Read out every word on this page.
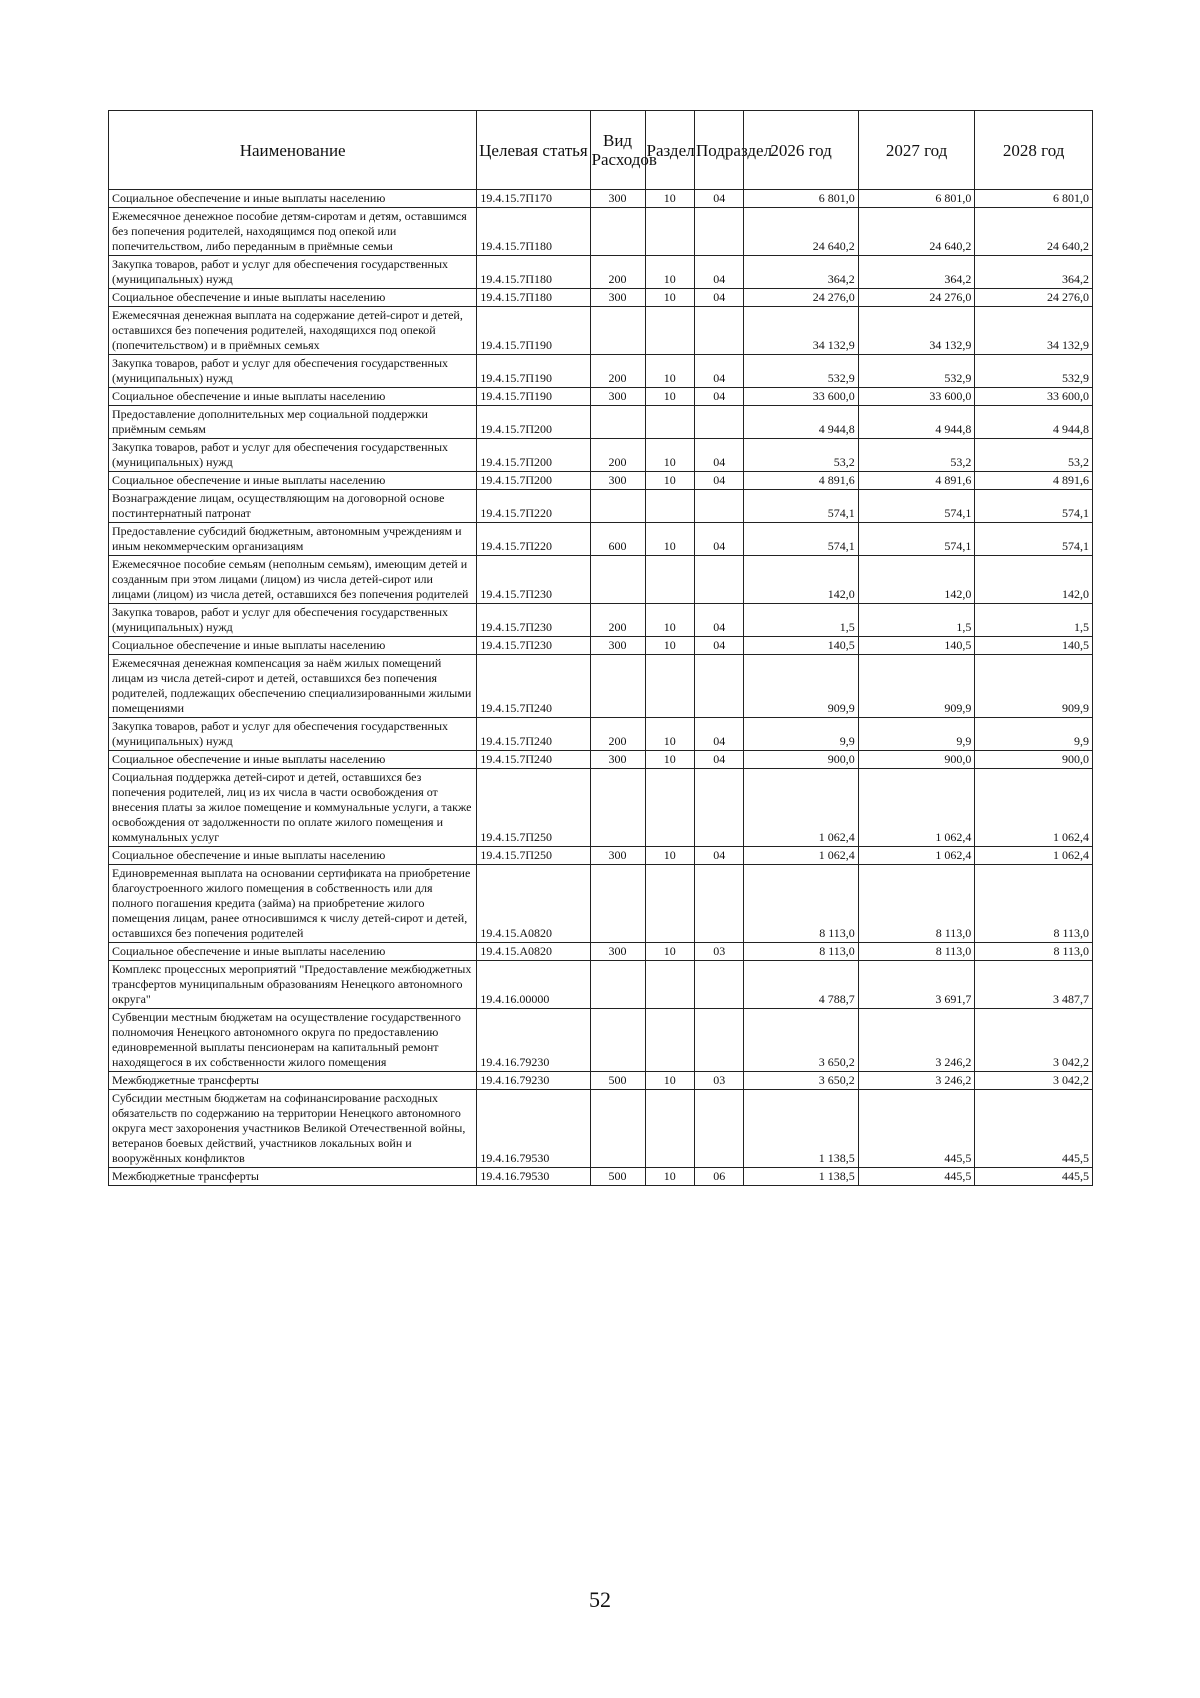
Наименование	Целевая статья	Вид Расходов	Раздел	Подраздел	2026 год	2027 год	2028 год

Социальное обеспечение и иные выплаты населению	19.4.15.7П170	300	10	04	6 801,0	6 801,0	6 801,0

Ежемесячное денежное пособие детям-сиротам и детям, оставшимся без попечения родителей, находящимся под опекой или попечительством, либо переданным в приёмные семьи	19.4.15.7П180				24 640,2	24 640,2	24 640,2

Закупка товаров, работ и услуг для обеспечения государственных (муниципальных) нужд	19.4.15.7П180	200	10	04	364,2	364,2	364,2

Социальное обеспечение и иные выплаты населению	19.4.15.7П180	300	10	04	24 276,0	24 276,0	24 276,0

Ежемесячная денежная выплата на содержание детей-сирот и детей, оставшихся без попечения родителей, находящихся под опекой (попечительством) и в приёмных семьях	19.4.15.7П190				34 132,9	34 132,9	34 132,9

Закупка товаров, работ и услуг для обеспечения государственных (муниципальных) нужд	19.4.15.7П190	200	10	04	532,9	532,9	532,9

Социальное обеспечение и иные выплаты населению	19.4.15.7П190	300	10	04	33 600,0	33 600,0	33 600,0

Предоставление дополнительных мер социальной поддержки приёмным семьям	19.4.15.7П200				4 944,8	4 944,8	4 944,8

Закупка товаров, работ и услуг для обеспечения государственных (муниципальных) нужд	19.4.15.7П200	200	10	04	53,2	53,2	53,2

Социальное обеспечение и иные выплаты населению	19.4.15.7П200	300	10	04	4 891,6	4 891,6	4 891,6

Вознаграждение лицам, осуществляющим на договорной основе постинтернатный патронат	19.4.15.7П220				574,1	574,1	574,1

Предоставление субсидий бюджетным, автономным учреждениям и иным некоммерческим организациям	19.4.15.7П220	600	10	04	574,1	574,1	574,1

Ежемесячное пособие семьям (неполным семьям), имеющим детей и созданным при этом лицами (лицом) из числа детей-сирот или лицами (лицом) из числа детей, оставшихся без попечения родителей	19.4.15.7П230				142,0	142,0	142,0

Закупка товаров, работ и услуг для обеспечения государственных (муниципальных) нужд	19.4.15.7П230	200	10	04	1,5	1,5	1,5

Социальное обеспечение и иные выплаты населению	19.4.15.7П230	300	10	04	140,5	140,5	140,5

Ежемесячная денежная компенсация за наём жилых помещений лицам из числа детей-сирот и детей, оставшихся без попечения родителей, подлежащих обеспечению специализированными жилыми помещениями	19.4.15.7П240				909,9	909,9	909,9

Закупка товаров, работ и услуг для обеспечения государственных (муниципальных) нужд	19.4.15.7П240	200	10	04	9,9	9,9	9,9

Социальное обеспечение и иные выплаты населению	19.4.15.7П240	300	10	04	900,0	900,0	900,0

Социальная поддержка детей-сирот и детей, оставшихся без попечения родителей, лиц из их числа в части освобождения от внесения платы за жилое помещение и коммунальные услуги, а также освобождения от задолженности по оплате жилого помещения и коммунальных услуг	19.4.15.7П250				1 062,4	1 062,4	1 062,4

Социальное обеспечение и иные выплаты населению	19.4.15.7П250	300	10	04	1 062,4	1 062,4	1 062,4

Единовременная выплата на основании сертификата на приобретение благоустроенного жилого помещения в собственность или для полного погашения кредита (займа) на приобретение жилого помещения лицам, ранее относившимся к числу детей-сирот и детей, оставшихся без попечения родителей	19.4.15.А0820				8 113,0	8 113,0	8 113,0

Социальное обеспечение и иные выплаты населению	19.4.15.А0820	300	10	03	8 113,0	8 113,0	8 113,0

Комплекс процессных мероприятий "Предоставление межбюджетных трансфертов муниципальным образованиям Ненецкого автономного округа"	19.4.16.00000				4 788,7	3 691,7	3 487,7

Субвенции местным бюджетам на осуществление государственного полномочия Ненецкого автономного округа по предоставлению единовременной выплаты пенсионерам на капитальный ремонт находящегося в их собственности жилого помещения	19.4.16.79230				3 650,2	3 246,2	3 042,2

Межбюджетные трансферты	19.4.16.79230	500	10	03	3 650,2	3 246,2	3 042,2

Субсидии местным бюджетам на софинансирование расходных обязательств по содержанию на территории Ненецкого автономного округа мест захоронения участников Великой Отечественной войны, ветеранов боевых действий, участников локальных войн и вооружённых конфликтов	19.4.16.79530				1 138,5	445,5	445,5

Межбюджетные трансферты	19.4.16.79530	500	10	06	1 138,5	445,5	445,5
52
